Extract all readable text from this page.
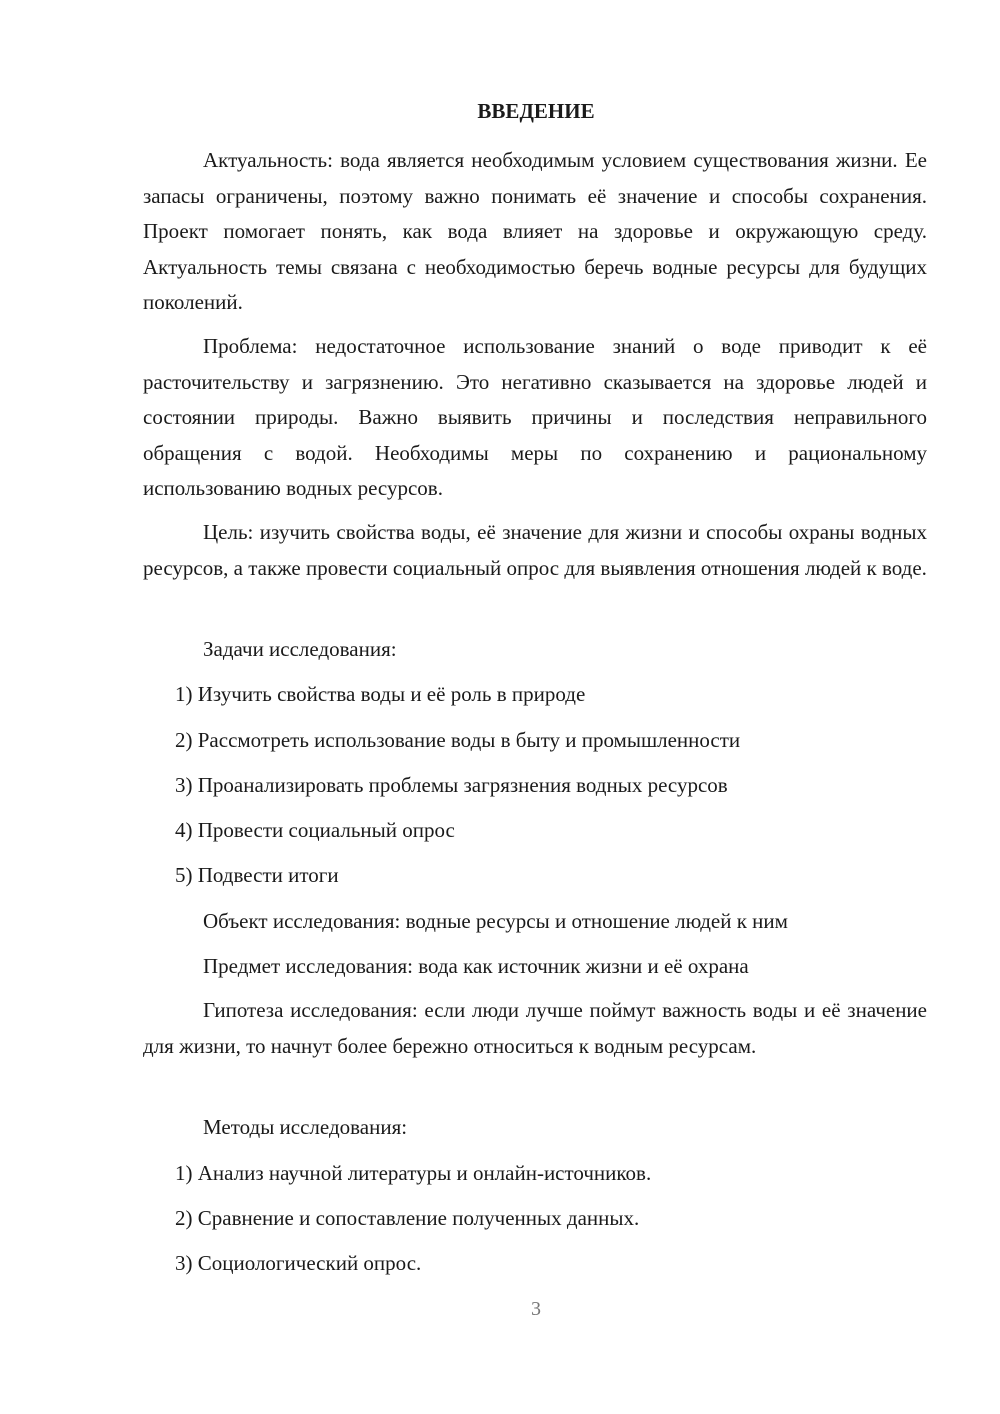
ВВЕДЕНИЕ

Актуальность: вода является необходимым условием существования жизни. Ее запасы ограничены, поэтому важно понимать её значение и способы сохранения. Проект помогает понять, как вода влияет на здоровье и окружающую среду. Актуальность темы связана с необходимостью беречь водные ресурсы для будущих поколений.

Проблема: недостаточное использование знаний о воде приводит к её расточительству и загрязнению. Это негативно сказывается на здоровье людей и состоянии природы. Важно выявить причины и последствия неправильного обращения с водой. Необходимы меры по сохранению и рациональному использованию водных ресурсов.

Цель: изучить свойства воды, её значение для жизни и способы охраны водных ресурсов, а также провести социальный опрос для выявления отношения людей к воде.

Задачи исследования:
1) Изучить свойства воды и её роль в природе
2) Рассмотреть использование воды в быту и промышленности
3) Проанализировать проблемы загрязнения водных ресурсов
4) Провести социальный опрос
5) Подвести итоги
Объект исследования: водные ресурсы и отношение людей к ним
Предмет исследования: вода как источник жизни и её охрана

Гипотеза исследования: если люди лучше поймут важность воды и её значение для жизни, то начнут более бережно относиться к водным ресурсам.

Методы исследования:
1) Анализ научной литературы и онлайн-источников.
2) Сравнение и сопоставление полученных данных.
3) Социологический опрос.
3
